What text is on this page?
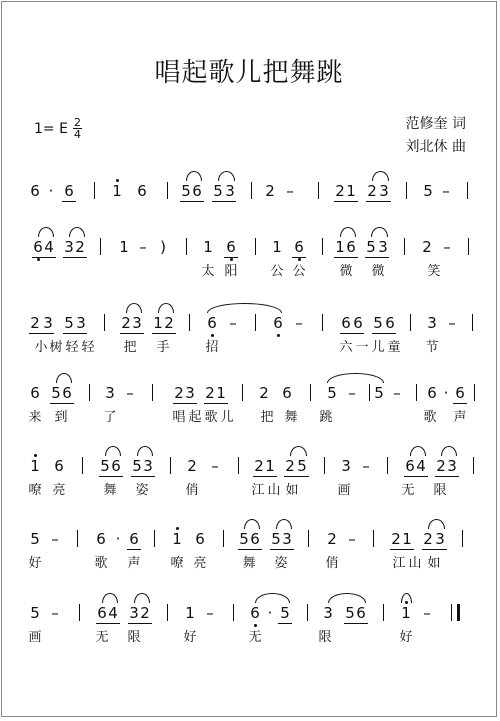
唱起歌儿把舞跳
1= E $\frac{2}{4}$	范修奎 词
刘北休 曲
6 · 6	1 6 5 6 5 3 2 –	2 1 2 3 5 –
6 4 3 2 1 – ) 1 6 1 6 1 6 5 3 2 –
太 阳	公 公	微 微	笑
2 3 5 3 2 3 1 2 6 – 6 –	6 6 5 6 3 –
小 树 轻 轻 把 手	招	六 一 儿 童 节
6 5 6 3 –	2 3 2 1 2 6 5 – 5 – 6 · 6
来 到	了	唱 起 歌 儿 把 舞 跳	歌 声
1 6 5 6 5 3 2 – 2 1 2 5 3 – 6 4 2 3
嘹 亮	舞 姿	俏	江 山 如	画	无 限
5 – 6 · 6 1 6 5 6 5 3 2 – 2 1 2 3
好	歌 声 嘹 亮	舞 姿	俏	江 山 如
5 –	6 4 3 2 1 – 6 · 5 3 5 6 1 –
画	无 限	好	无	限	好
